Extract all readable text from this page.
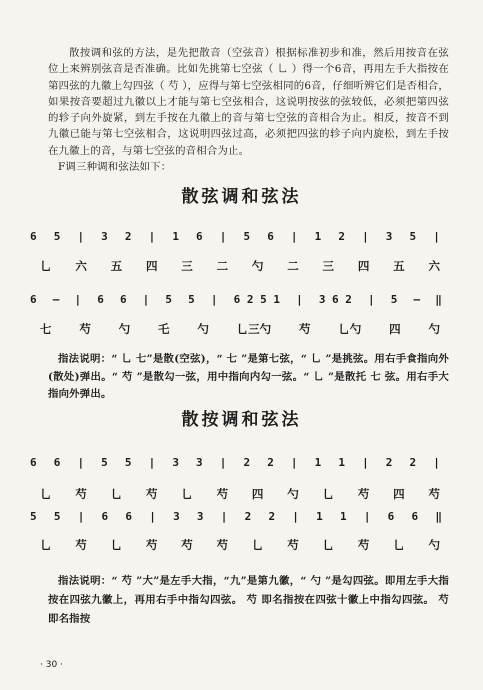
散按调和弦的方法，是先把散音（空弦音）根据标准初步和准，然后用按音在弦位上来辨别弦音是否准确。比如先挑第七空弦（ 乚 ）得一个6音，再用左手大指按在第四弦的九徽上勾四弦（ 芍 ），应得与第七空弦相同的6音，仔细听辨它们是否相合，如果按音要超过九徽以上才能与第七空弦相合，这说明按弦的弦较低，必须把第四弦的轸子向外旋紧，到左手按在九徽上的音与第七空弦的音相合为止。相反，按音不到九徽已能与第七空弦相合，这说明四弦过高，必须把四弦的轸子向内旋松，到左手按在九徽上的音，与第七空弦的音相合为止。

F调三种调和弦法如下：

散弦调和弦法
6 5 | 3 2 | 1 6 | 5 6 | 1 2 | 3 5 |
乚 六 五 四 三 二 勺 二 三 四 五 六
6 — | 6 6 | 5 5 | 6 2 5 1 | 3 6 2 | 5 — ‖
七 芍 勺 乇 勺 乚三勺 芍 乚勺 四 勺

指法说明：“ 乚 七”是散(空弦)，“ 七 ”是第七弦，“ 乚 ”是挑弦。用右手食指向外(散处)弹出。“ 芍 ”是散勾一弦，用中指向内勾一弦。“ 乚 ”是散托 七 弦。用右手大指向外弹出。

散按调和弦法
6 6 | 5 5 | 3 3 | 2 2 | 1 1 | 2 2 |
乚 芍 乚 芍 乚 芍 四 勺 乚 芍 四 芍
5 5 | 6 6 | 3 3 | 2 2 | 1 1 | 6 6 ‖
乚 芍 乚 芍 芍 芍 乚 芍 乚 芍 乚 勺

指法说明：“ 芍 ”大”是左手大指，“九”是第九徽，“ 勺 ”是勾四弦。即用左手大指按在四弦九徽上，再用右手中指勾四弦。 芍 即名指按在四弦十徽上中指勾四弦。 芍 即名指按

· 30 ·
